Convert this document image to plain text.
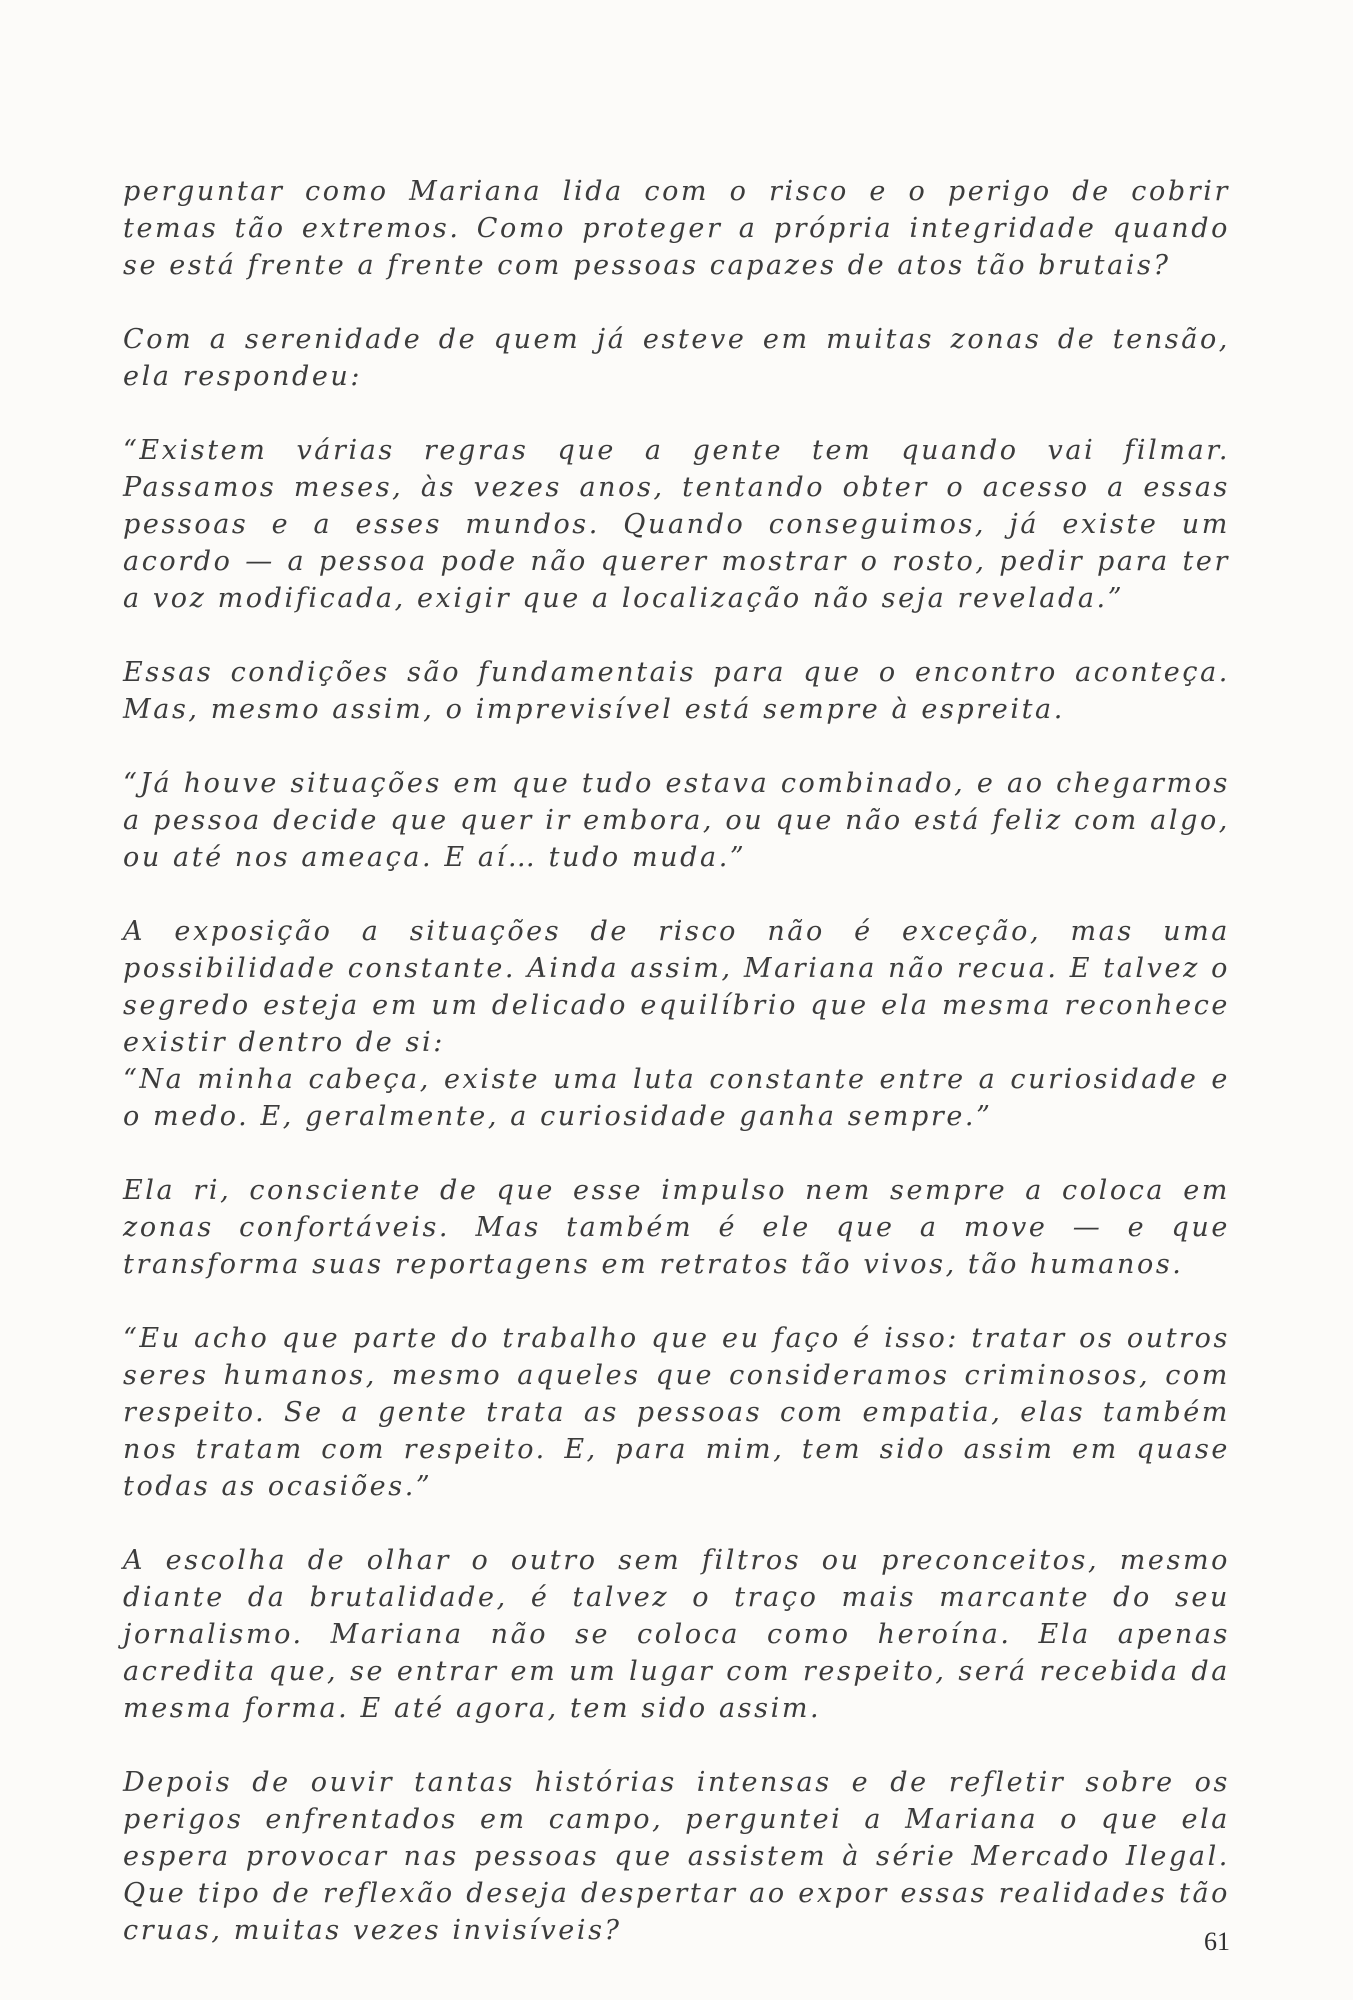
perguntar como Mariana lida com o risco e o perigo de cobrir temas tão extremos. Como proteger a própria integridade quando se está frente a frente com pessoas capazes de atos tão brutais?

Com a serenidade de quem já esteve em muitas zonas de tensão, ela respondeu:

“Existem várias regras que a gente tem quando vai filmar. Passamos meses, às vezes anos, tentando obter o acesso a essas pessoas e a esses mundos. Quando conseguimos, já existe um acordo — a pessoa pode não querer mostrar o rosto, pedir para ter a voz modificada, exigir que a localização não seja revelada.”

Essas condições são fundamentais para que o encontro aconteça. Mas, mesmo assim, o imprevisível está sempre à espreita.

“Já houve situações em que tudo estava combinado, e ao chegarmos a pessoa decide que quer ir embora, ou que não está feliz com algo, ou até nos ameaça. E aí… tudo muda.”

A exposição a situações de risco não é exceção, mas uma possibilidade constante. Ainda assim, Mariana não recua. E talvez o segredo esteja em um delicado equilíbrio que ela mesma reconhece existir dentro de si:
“Na minha cabeça, existe uma luta constante entre a curiosidade e o medo. E, geralmente, a curiosidade ganha sempre.”

Ela ri, consciente de que esse impulso nem sempre a coloca em zonas confortáveis. Mas também é ele que a move — e que transforma suas reportagens em retratos tão vivos, tão humanos.

“Eu acho que parte do trabalho que eu faço é isso: tratar os outros seres humanos, mesmo aqueles que consideramos criminosos, com respeito. Se a gente trata as pessoas com empatia, elas também nos tratam com respeito. E, para mim, tem sido assim em quase todas as ocasiões.”

A escolha de olhar o outro sem filtros ou preconceitos, mesmo diante da brutalidade, é talvez o traço mais marcante do seu jornalismo. Mariana não se coloca como heroína. Ela apenas acredita que, se entrar em um lugar com respeito, será recebida da mesma forma. E até agora, tem sido assim.

Depois de ouvir tantas histórias intensas e de refletir sobre os perigos enfrentados em campo, perguntei a Mariana o que ela espera provocar nas pessoas que assistem à série Mercado Ilegal. Que tipo de reflexão deseja despertar ao expor essas realidades tão cruas, muitas vezes invisíveis?	61
